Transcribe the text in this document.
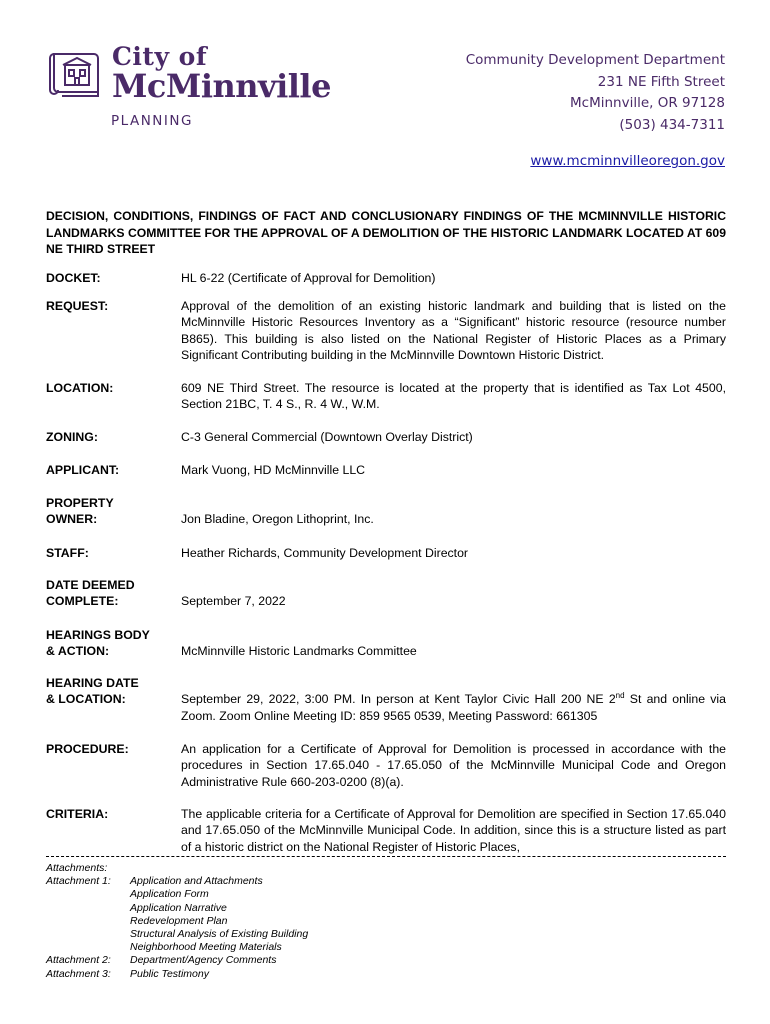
City of
McMinnville
PLANNING
Community Development Department
231 NE Fifth Street
McMinnville, OR 97128
(503) 434-7311
www.mcminnvilleoregon.gov
DECISION, CONDITIONS, FINDINGS OF FACT AND CONCLUSIONARY FINDINGS OF THE MCMINNVILLE HISTORIC LANDMARKS COMMITTEE FOR THE APPROVAL OF A DEMOLITION OF THE HISTORIC LANDMARK LOCATED AT 609 NE THIRD STREET
DOCKET:	HL 6-22 (Certificate of Approval for Demolition)
REQUEST:	Approval of the demolition of an existing historic landmark and building that is listed on the McMinnville Historic Resources Inventory as a “Significant” historic resource (resource number B865). This building is also listed on the National Register of Historic Places as a Primary Significant Contributing building in the McMinnville Downtown Historic District.
LOCATION:	609 NE Third Street. The resource is located at the property that is identified as Tax Lot 4500, Section 21BC, T. 4 S., R. 4 W., W.M.
ZONING:	C-3 General Commercial (Downtown Overlay District)
APPLICANT:	Mark Vuong, HD McMinnville LLC
PROPERTY
OWNER:	Jon Bladine, Oregon Lithoprint, Inc.
STAFF:	Heather Richards, Community Development Director
DATE DEEMED
COMPLETE:	September 7, 2022
HEARINGS BODY
& ACTION:	McMinnville Historic Landmarks Committee
HEARING DATE
& LOCATION:	September 29, 2022, 3:00 PM. In person at Kent Taylor Civic Hall 200 NE 2nd St and online via Zoom. Zoom Online Meeting ID: 859 9565 0539, Meeting Password: 661305
PROCEDURE:	An application for a Certificate of Approval for Demolition is processed in accordance with the procedures in Section 17.65.040 - 17.65.050 of the McMinnville Municipal Code and Oregon Administrative Rule 660-203-0200 (8)(a).
CRITERIA:	The applicable criteria for a Certificate of Approval for Demolition are specified in Section 17.65.040 and 17.65.050 of the McMinnville Municipal Code. In addition, since this is a structure listed as part of a historic district on the National Register of Historic Places,
Attachments:
Attachment 1: Application and Attachments
Application Form
Application Narrative
Redevelopment Plan
Structural Analysis of Existing Building
Neighborhood Meeting Materials
Attachment 2: Department/Agency Comments
Attachment 3: Public Testimony
